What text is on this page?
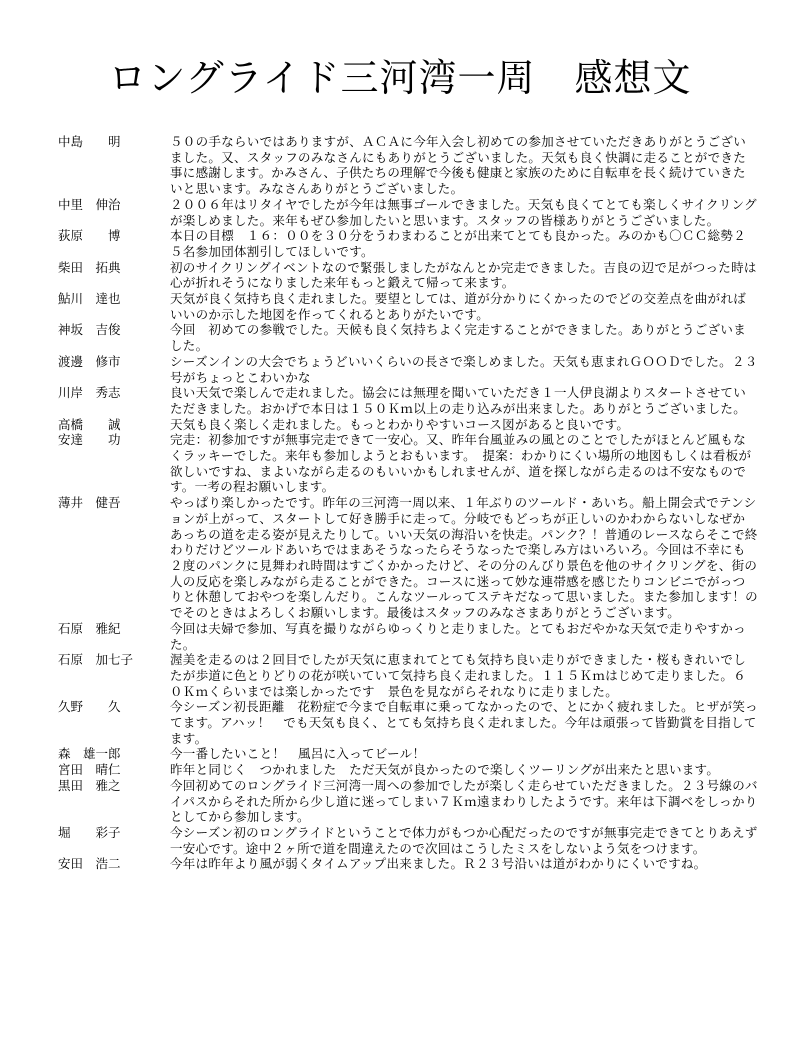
ロングライド三河湾一周　感想文
中島　　明	５０の手ならいではありますが、ＡＣＡに今年入会し初めての参加させていただきありがとうございました。又、スタッフのみなさんにもありがとうございました。天気も良く快調に走ることができた事に感謝します。かみさん、子供たちの理解で今後も健康と家族のために自転車を長く続けていきたいと思います。みなさんありがとうございました。
中里　伸治	２００６年はリタイヤでしたが今年は無事ゴールできました。天気も良くてとても楽しくサイクリングが楽しめました。来年もぜひ参加したいと思います。スタッフの皆様ありがとうございました。
荻原　　博	本日の目標　１６：００を３０分をうわまわることが出来てとても良かった。みのかも〇ＣＣ総勢２５名参加団体割引してほしいです。
柴田　拓典	初のサイクリングイベントなので緊張しましたがなんとか完走できました。吉良の辺で足がつった時は心が折れそうになりました来年もっと鍛えて帰って来ます。
鮎川　達也	天気が良く気持ち良く走れました。要望としては、道が分かりにくかったのでどの交差点を曲がればいいのか示した地図を作ってくれるとありがたいです。
神坂　吉俊	今回　初めての参戦でした。天候も良く気持ちよく完走することができました。ありがとうございました。
渡邊　修市	シーズンインの大会でちょうどいいくらいの長さで楽しめました。天気も恵まれＧＯＯＤでした。２３号がちょっとこわいかな
川岸　秀志	良い天気で楽しんで走れました。協会には無理を聞いていただき１一人伊良湖よりスタートさせていただきました。おかげで本日は１５０Ｋｍ以上の走り込みが出来ました。ありがとうございました。
高橋　　誠	天気も良く楽しく走れました。もっとわかりやすいコース図があると良いです。
安達　　功	完走：初参加ですが無事完走できて一安心。又、昨年台風並みの風とのことでしたがほとんど風もなくラッキーでした。来年も参加しようとおもいます。　提案：わかりにくい場所の地図もしくは看板が欲しいですね、まよいながら走るのもいいかもしれませんが、道を探しながら走るのは不安なものです。一考の程お願いします。
薄井　健吾	やっぱり楽しかったです。昨年の三河湾一周以来、１年ぶりのツールド・あいち。船上開会式でテンションが上がって、スタートして好き勝手に走って。分岐でもどっちが正しいのかわからないしなぜかあっちの道を走る姿が見えたりして。いい天気の海沿いを快走。パンク？！普通のレースならそこで終わりだけどツールドあいちではまあそうなったらそうなったで楽しみ方はいろいろ。今回は不幸にも２度のパンクに見舞われ時間はすごくかかったけど、その分のんびり景色を他のサイクリングを、街の人の反応を楽しみながら走ることができた。コースに迷って妙な連帯感を感じたりコンビニでがっつりと休憩しておやつを楽しんだり。こんなツールってステキだなって思いました。また参加します！のでそのときはよろしくお願いします。最後はスタッフのみなさまありがとうございます。
石原　雅紀	今回は夫婦で参加、写真を撮りながらゆっくりと走りました。とてもおだやかな天気で走りやすかった。
石原　加七子	渥美を走るのは２回目でしたが天気に恵まれてとても気持ち良い走りができました・桜もきれいでしたが歩道に色とりどりの花が咲いていて気持ち良く走れました。１１５Ｋｍはじめて走りました。６０Ｋｍくらいまでは楽しかったです　景色を見ながらそれなりに走りました。
久野　　久	今シーズン初長距離　花粉症で今まで自転車に乗ってなかったので、とにかく疲れました。ヒザが笑ってます。アハッ！　でも天気も良く、とても気持ち良く走れました。今年は頑張って皆勤賞を目指してます。
森　雄一郎	今一番したいこと！　風呂に入ってビール！
宮田　晴仁	昨年と同じく　つかれました　ただ天気が良かったので楽しくツーリングが出来たと思います。
黒田　雅之	今回初めてのロングライド三河湾一周への参加でしたが楽しく走らせていただきました。２３号線のバイパスからそれた所から少し道に迷ってしまい７Ｋｍ遠まわりしたようです。来年は下調べをしっかりとしてから参加します。
堀　　彩子	今シーズン初のロングライドということで体力がもつか心配だったのですが無事完走できてとりあえず一安心です。途中２ヶ所で道を間違えたので次回はこうしたミスをしないよう気をつけます。
安田　浩二	今年は昨年より風が弱くタイムアップ出来ました。Ｒ２３号沿いは道がわかりにくいですね。
